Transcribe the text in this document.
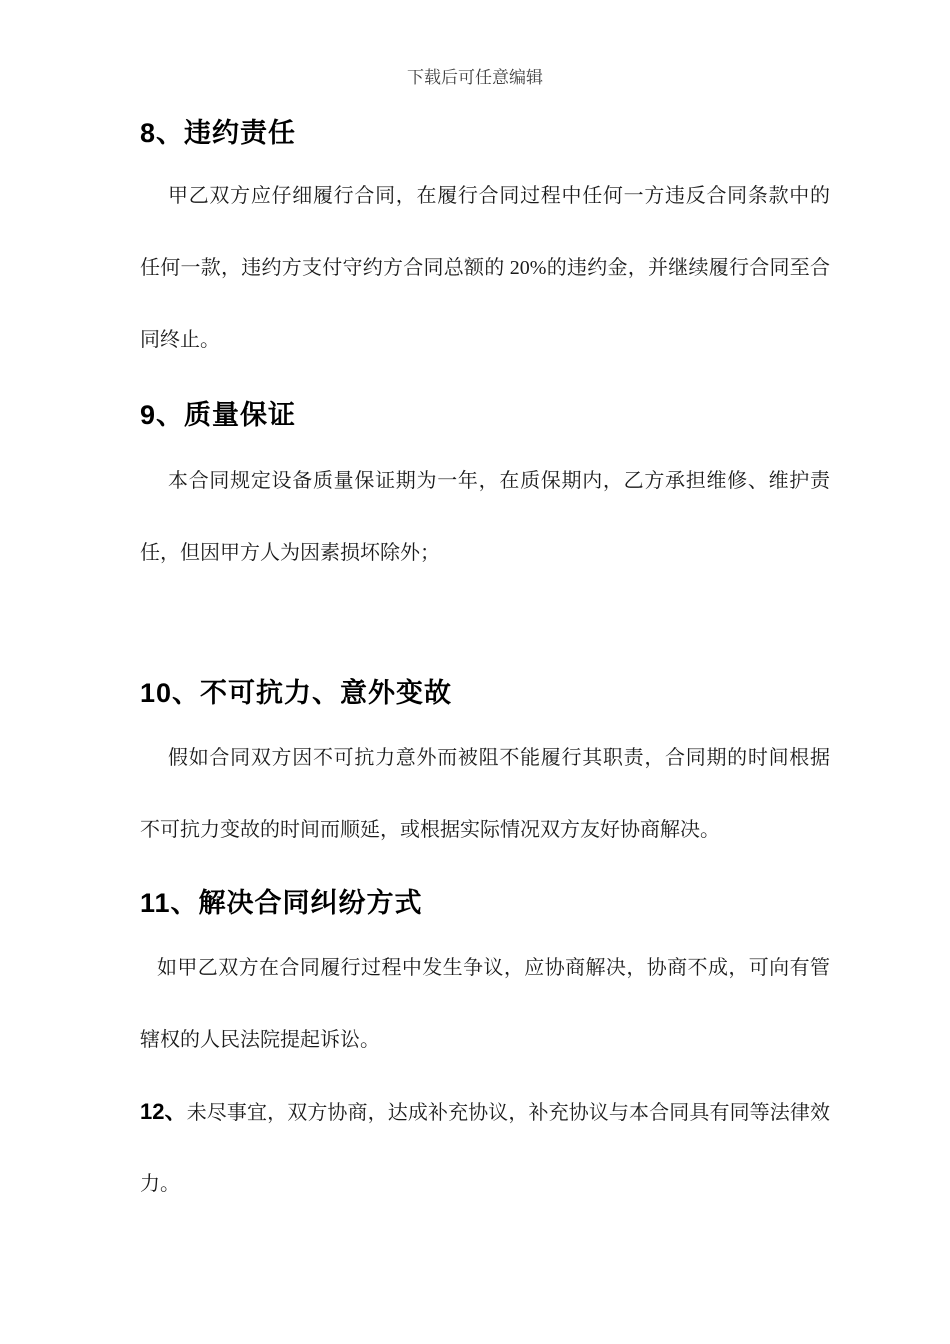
下载后可任意编辑
8、违约责任
甲乙双方应仔细履行合同，在履行合同过程中任何一方违反合同条款中的
任何一款，违约方支付守约方合同总额的 20%的违约金，并继续履行合同至合
同终止。
9、质量保证
本合同规定设备质量保证期为一年，在质保期内，乙方承担维修、维护责
任，但因甲方人为因素损坏除外；
10、不可抗力、意外变故
假如合同双方因不可抗力意外而被阻不能履行其职责，合同期的时间根据
不可抗力变故的时间而顺延，或根据实际情况双方友好协商解决。
11、解决合同纠纷方式
如甲乙双方在合同履行过程中发生争议，应协商解决，协商不成，可向有管
辖权的人民法院提起诉讼。
12、未尽事宜，双方协商，达成补充协议，补充协议与本合同具有同等法律效
力。
